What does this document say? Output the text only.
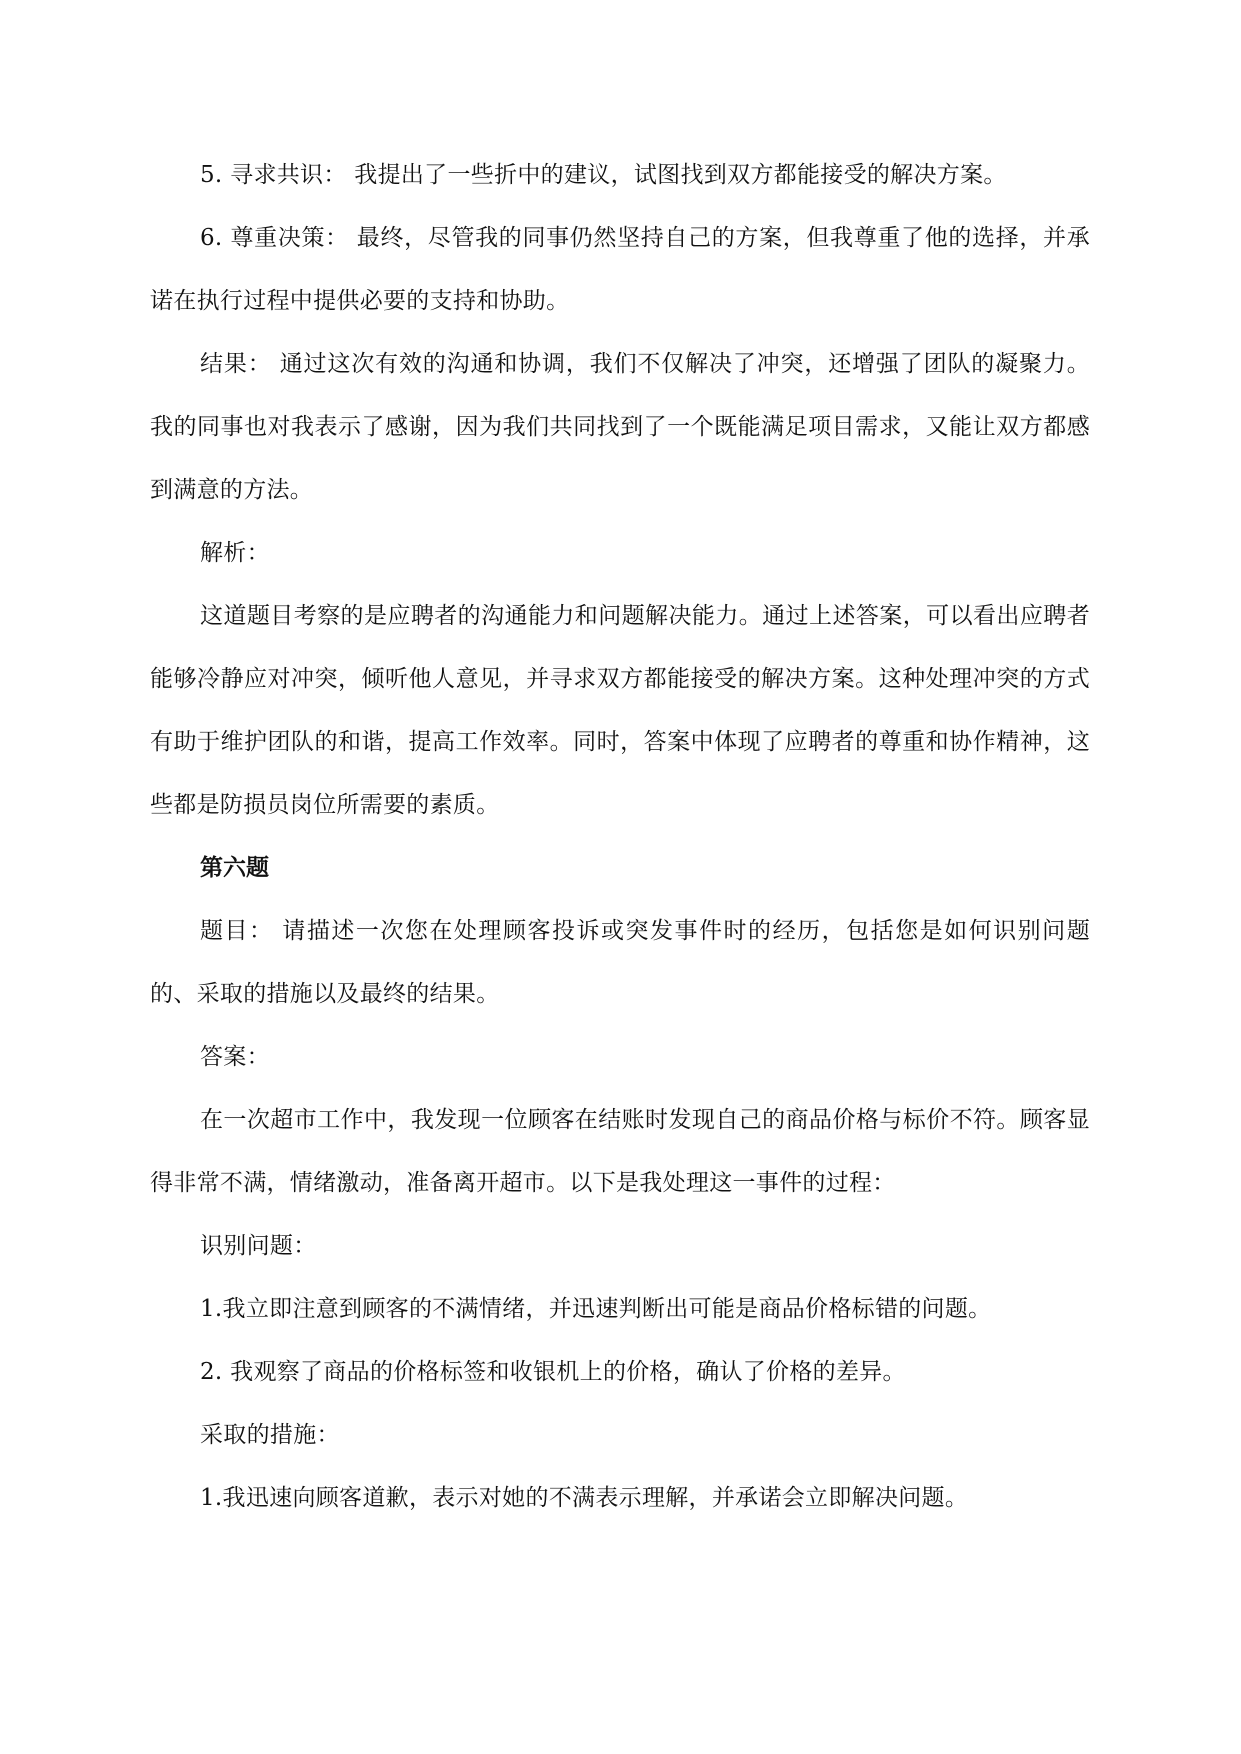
5. 寻求共识： 我提出了一些折中的建议，试图找到双方都能接受的解决方案。

6. 尊重决策： 最终，尽管我的同事仍然坚持自己的方案，但我尊重了他的选择，并承诺在执行过程中提供必要的支持和协助。

结果： 通过这次有效的沟通和协调，我们不仅解决了冲突，还增强了团队的凝聚力。我的同事也对我表示了感谢，因为我们共同找到了一个既能满足项目需求，又能让双方都感到满意的方法。

解析：

这道题目考察的是应聘者的沟通能力和问题解决能力。通过上述答案，可以看出应聘者能够冷静应对冲突，倾听他人意见，并寻求双方都能接受的解决方案。这种处理冲突的方式有助于维护团队的和谐，提高工作效率。同时，答案中体现了应聘者的尊重和协作精神，这些都是防损员岗位所需要的素质。

第六题

题目： 请描述一次您在处理顾客投诉或突发事件时的经历，包括您是如何识别问题的、采取的措施以及最终的结果。

答案：

在一次超市工作中，我发现一位顾客在结账时发现自己的商品价格与标价不符。顾客显得非常不满，情绪激动，准备离开超市。以下是我处理这一事件的过程：

识别问题：

1.我立即注意到顾客的不满情绪，并迅速判断出可能是商品价格标错的问题。

2. 我观察了商品的价格标签和收银机上的价格，确认了价格的差异。

采取的措施：

1.我迅速向顾客道歉，表示对她的不满表示理解，并承诺会立即解决问题。
